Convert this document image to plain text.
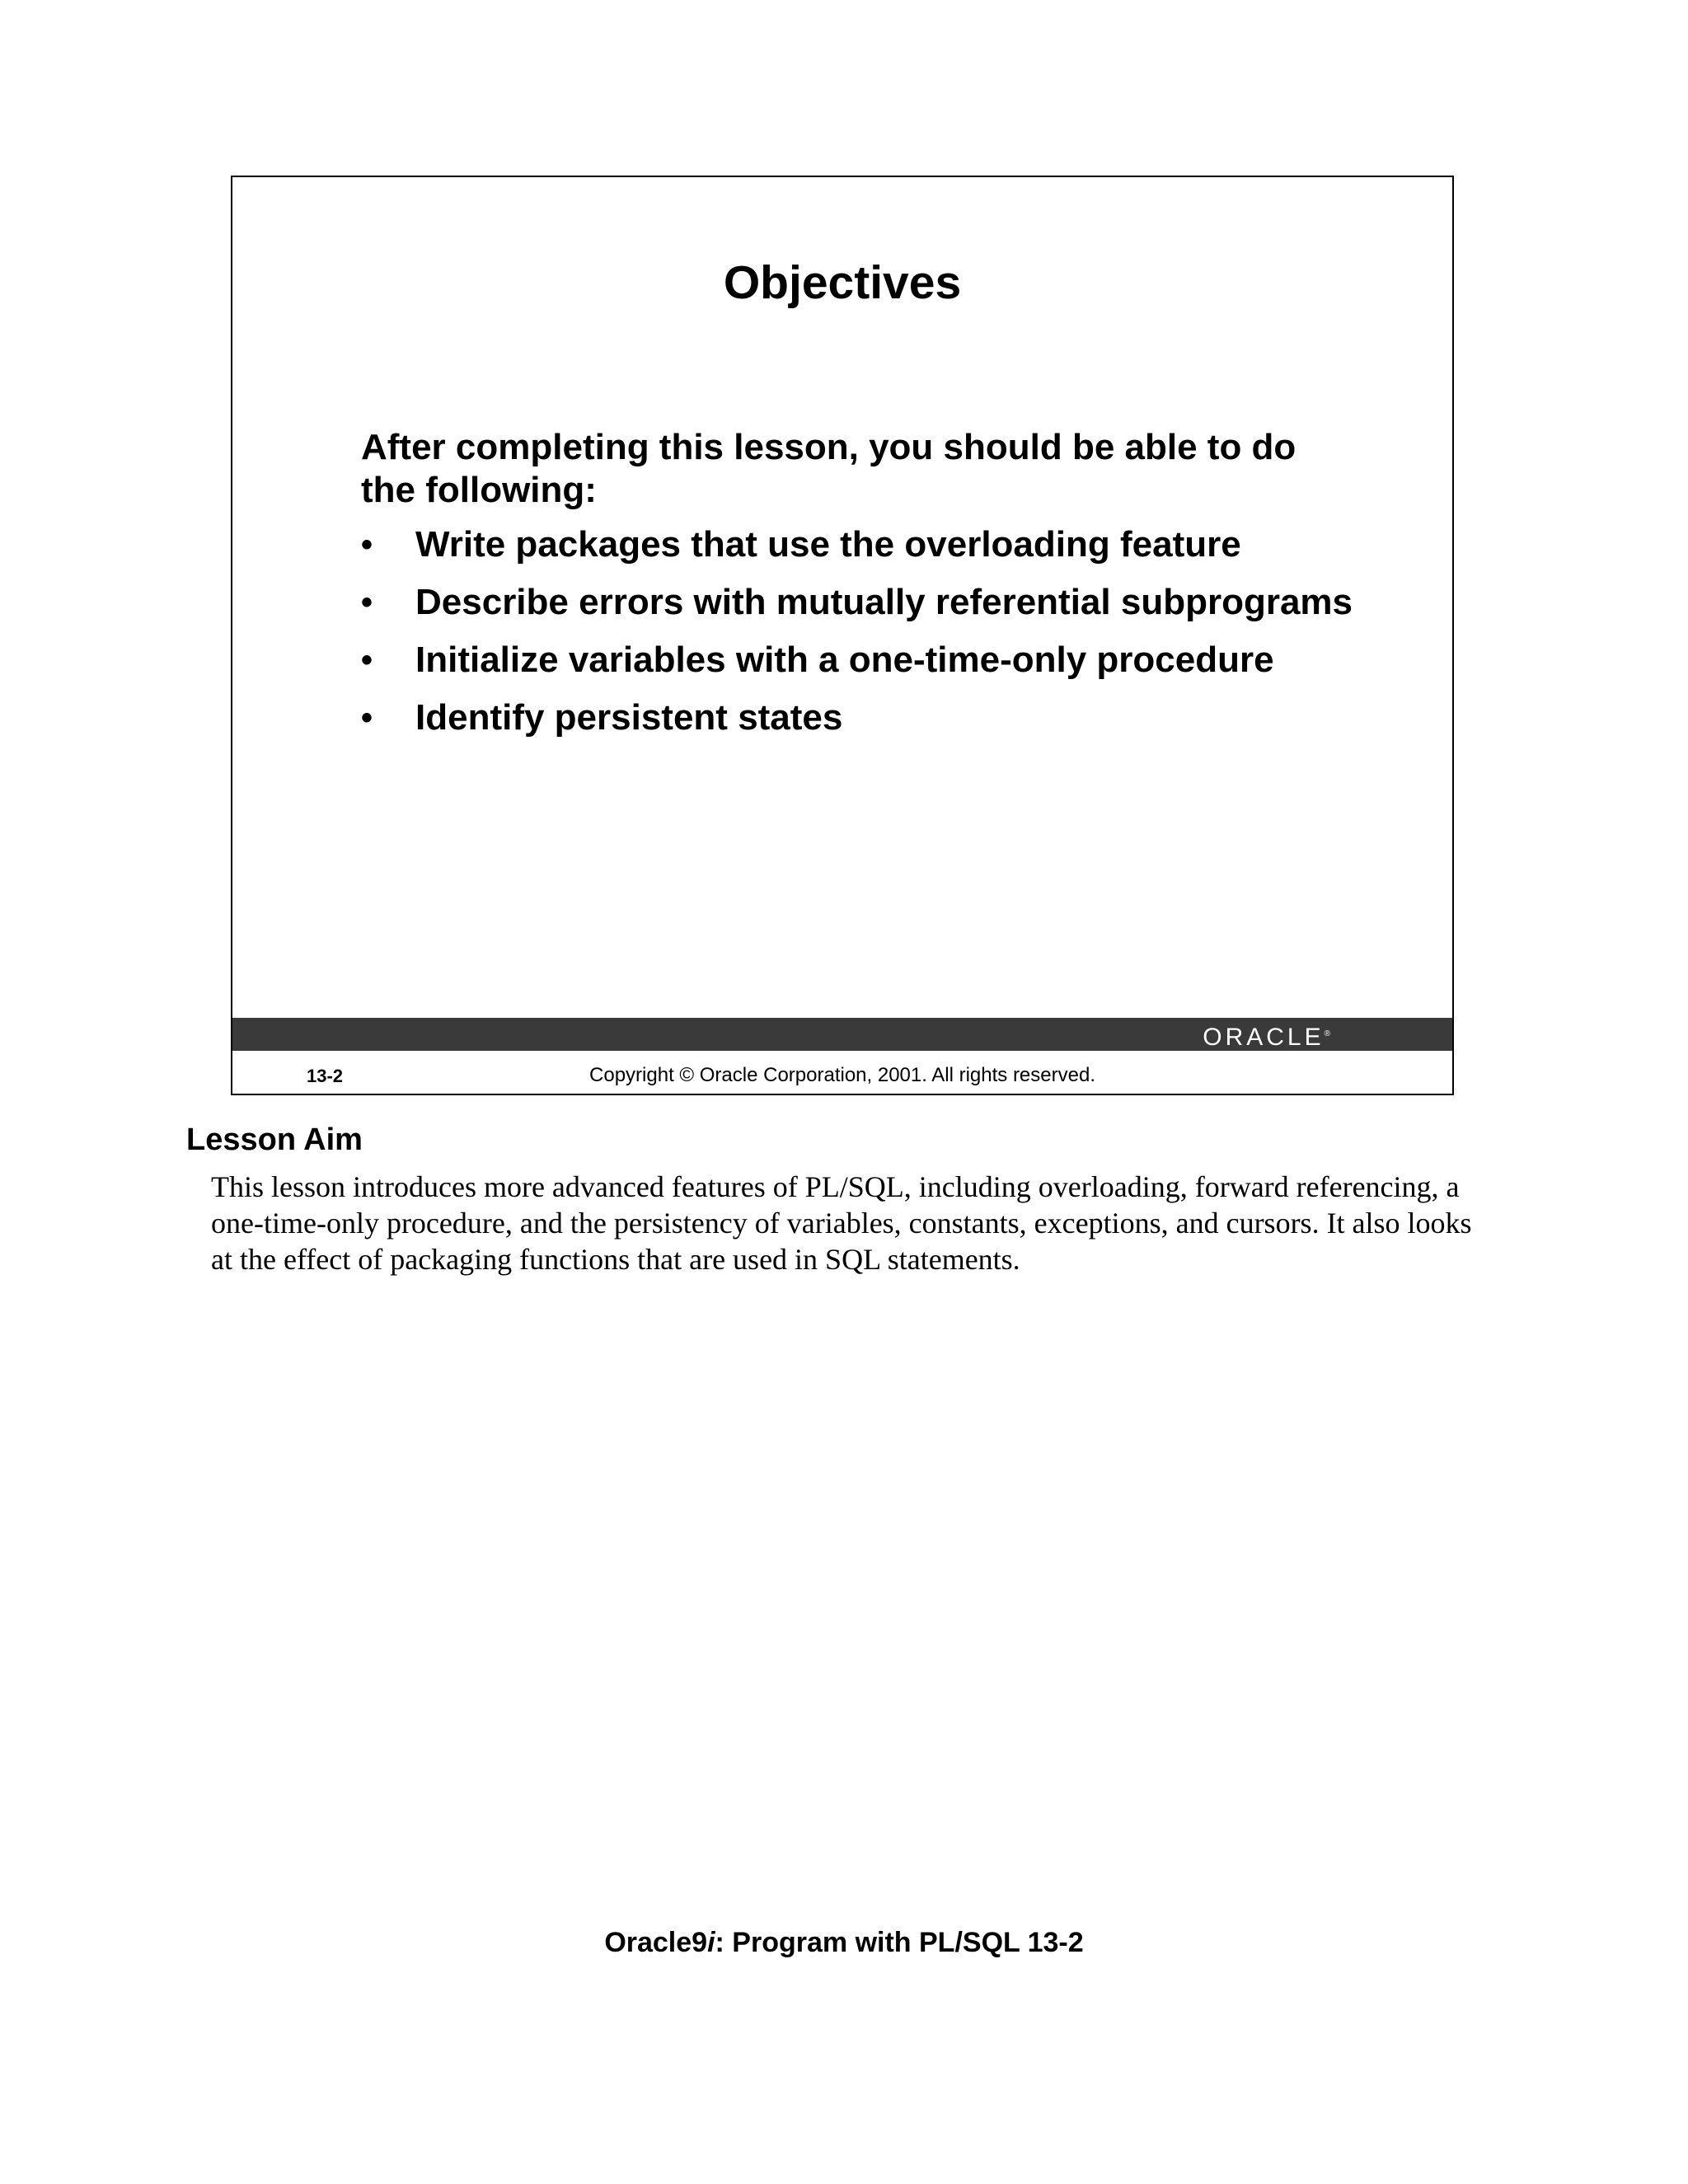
Objectives

After completing this lesson, you should be able to do the following:

• Write packages that use the overloading feature
• Describe errors with mutually referential subprograms
• Initialize variables with a one-time-only procedure
• Identify persistent states
ORACLE®
13-2	Copyright © Oracle Corporation, 2001. All rights reserved.
Lesson Aim

This lesson introduces more advanced features of PL/SQL, including overloading, forward referencing, a one-time-only procedure, and the persistency of variables, constants, exceptions, and cursors. It also looks at the effect of packaging functions that are used in SQL statements.

Oracle9i: Program with PL/SQL 13-2
